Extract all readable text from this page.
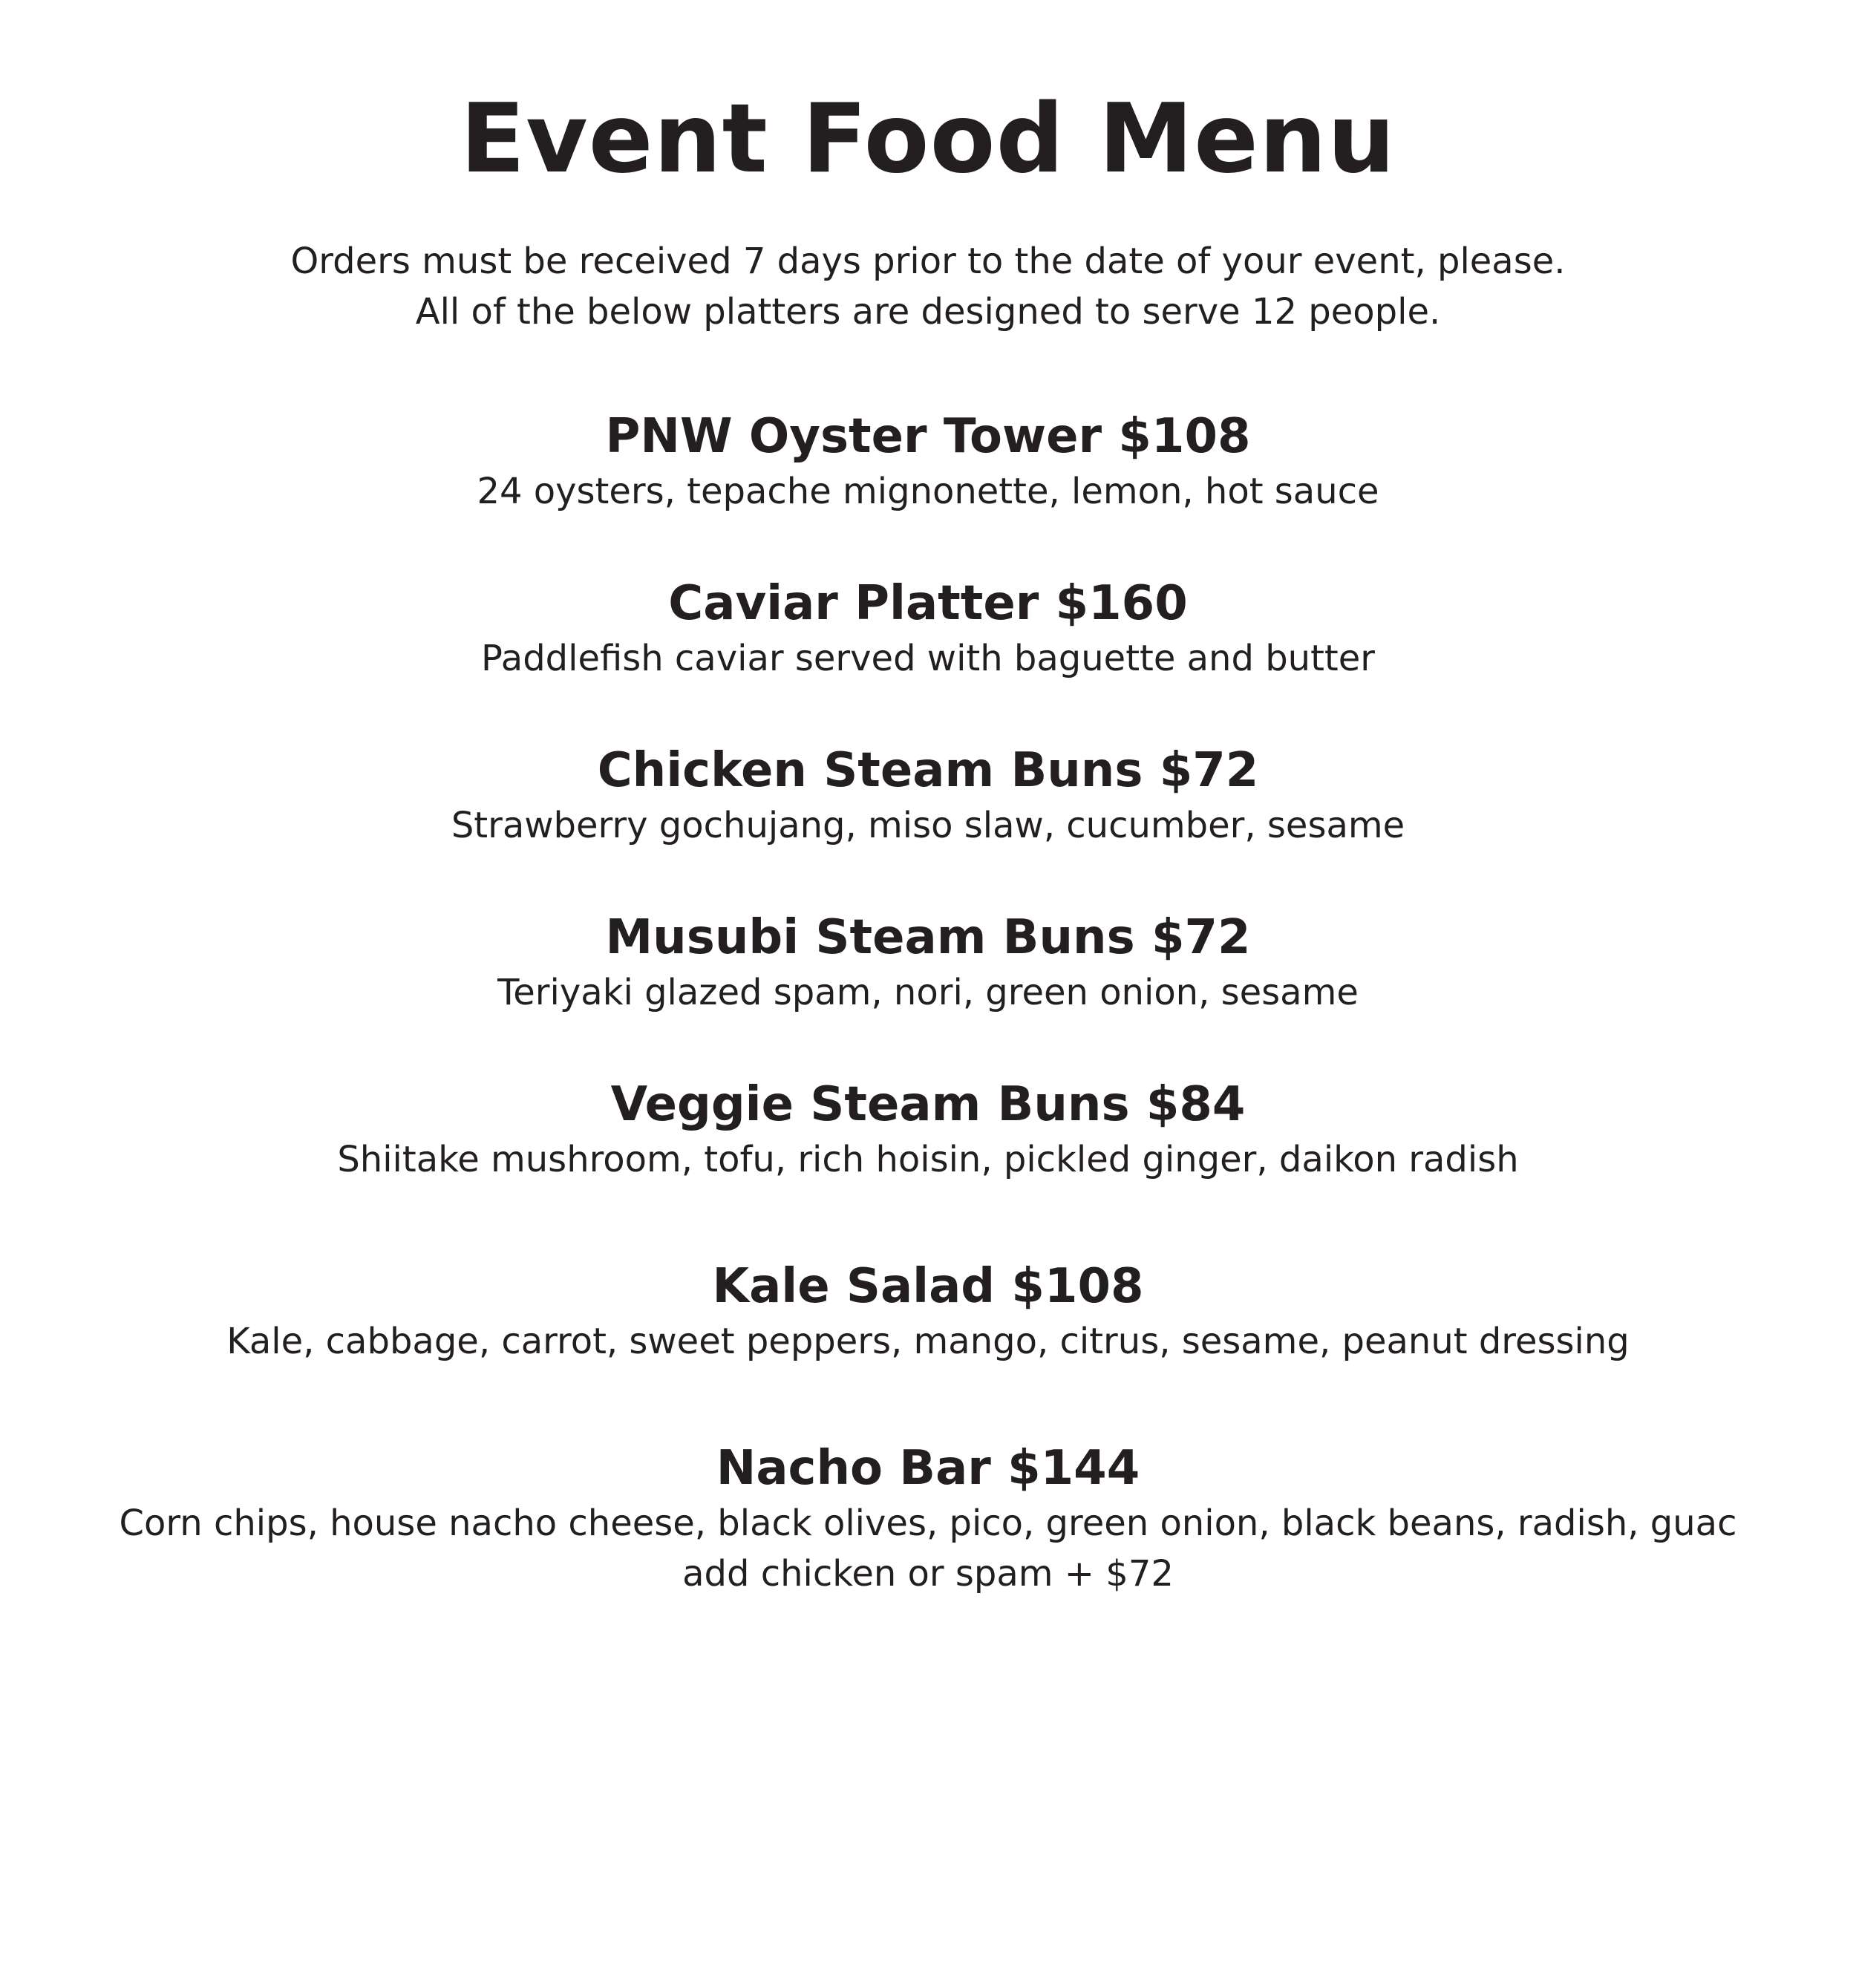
Event Food Menu
Orders must be received 7 days prior to the date of your event, please.
All of the below platters are designed to serve 12 people.
PNW Oyster Tower $108
24 oysters, tepache mignonette, lemon, hot sauce
Caviar Platter $160
Paddlefish caviar served with baguette and butter
Chicken Steam Buns $72
Strawberry gochujang, miso slaw, cucumber, sesame
Musubi Steam Buns $72
Teriyaki glazed spam, nori, green onion, sesame
Veggie Steam Buns $84
Shiitake mushroom, tofu, rich hoisin, pickled ginger, daikon radish
Kale Salad $108
Kale, cabbage, carrot, sweet peppers, mango, citrus, sesame, peanut dressing
Nacho Bar $144
Corn chips, house nacho cheese, black olives, pico, green onion, black beans, radish, guac
add chicken or spam + $72
